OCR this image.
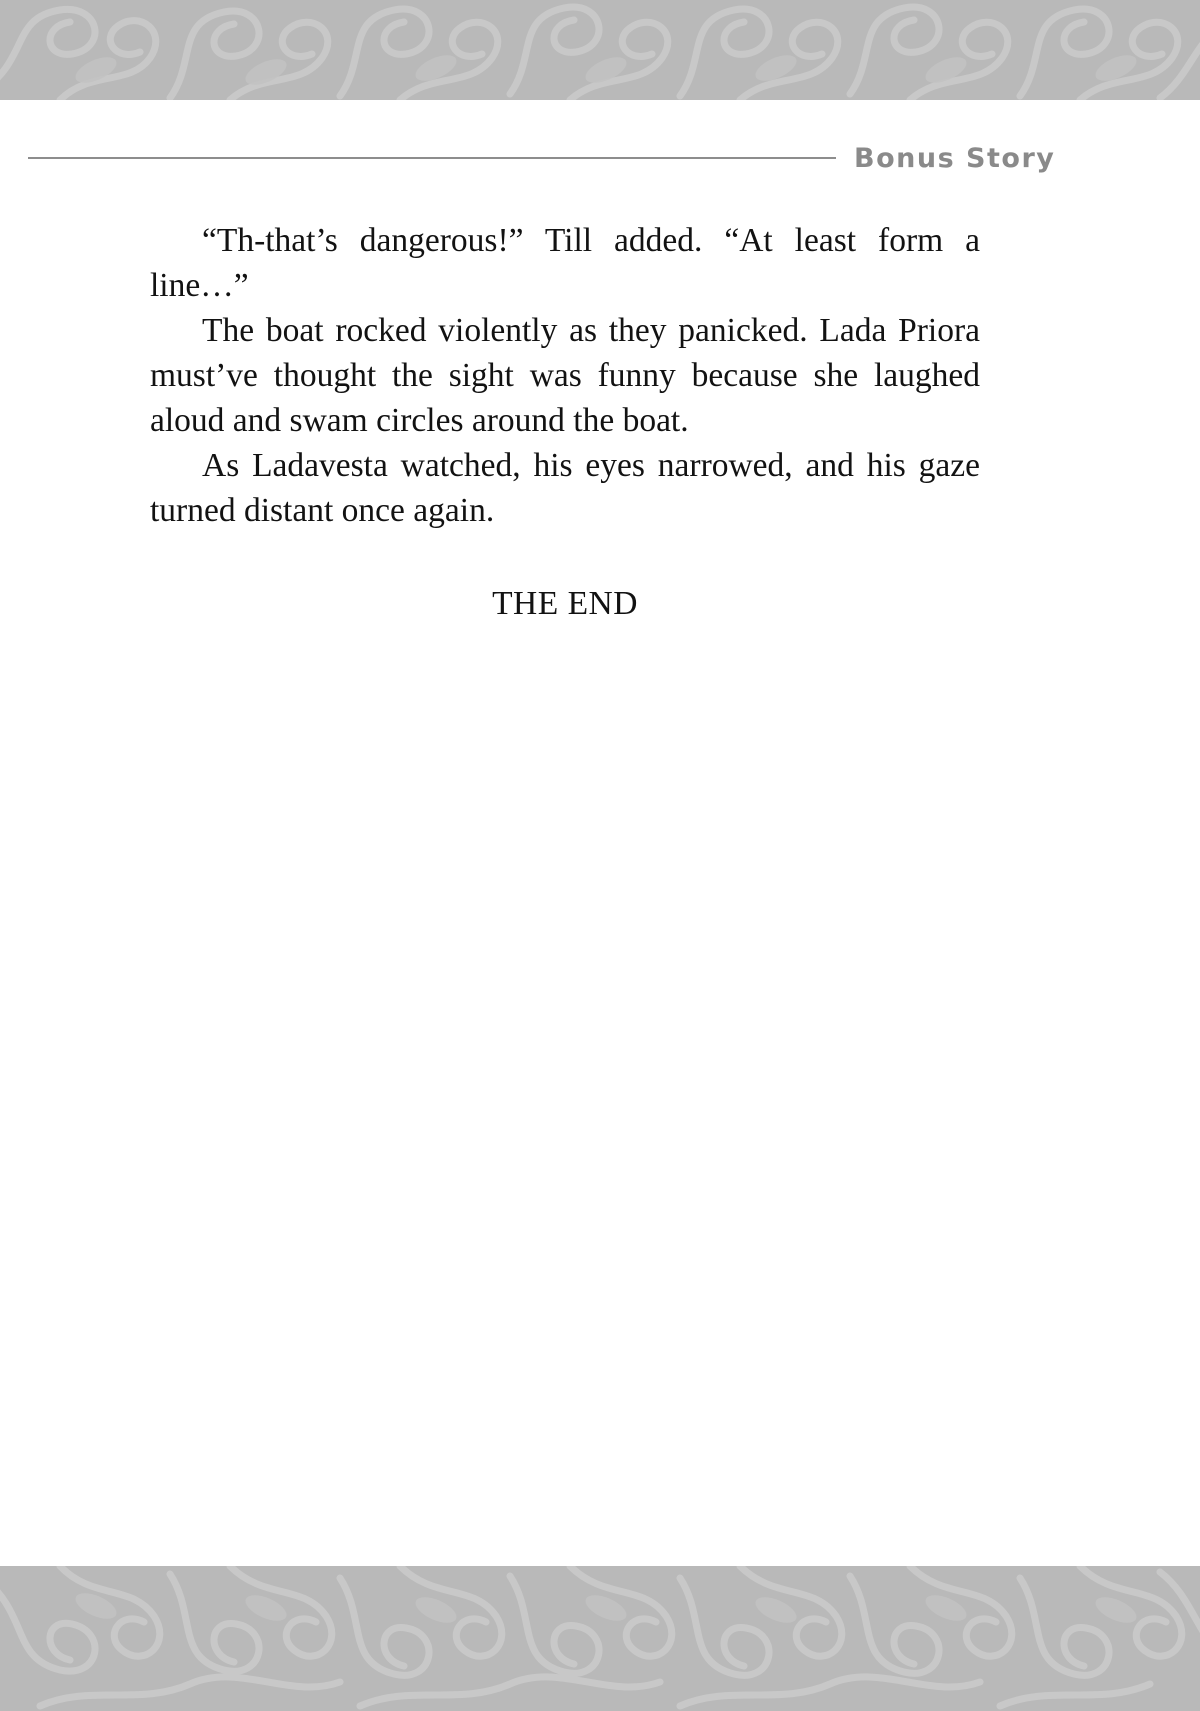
Bonus Story

“Th-that’s dangerous!” Till added. “At least form a line…”

The boat rocked violently as they panicked. Lada Priora must’ve thought the sight was funny because she laughed aloud and swam circles around the boat.

As Ladavesta watched, his eyes narrowed, and his gaze turned distant once again.

THE END
